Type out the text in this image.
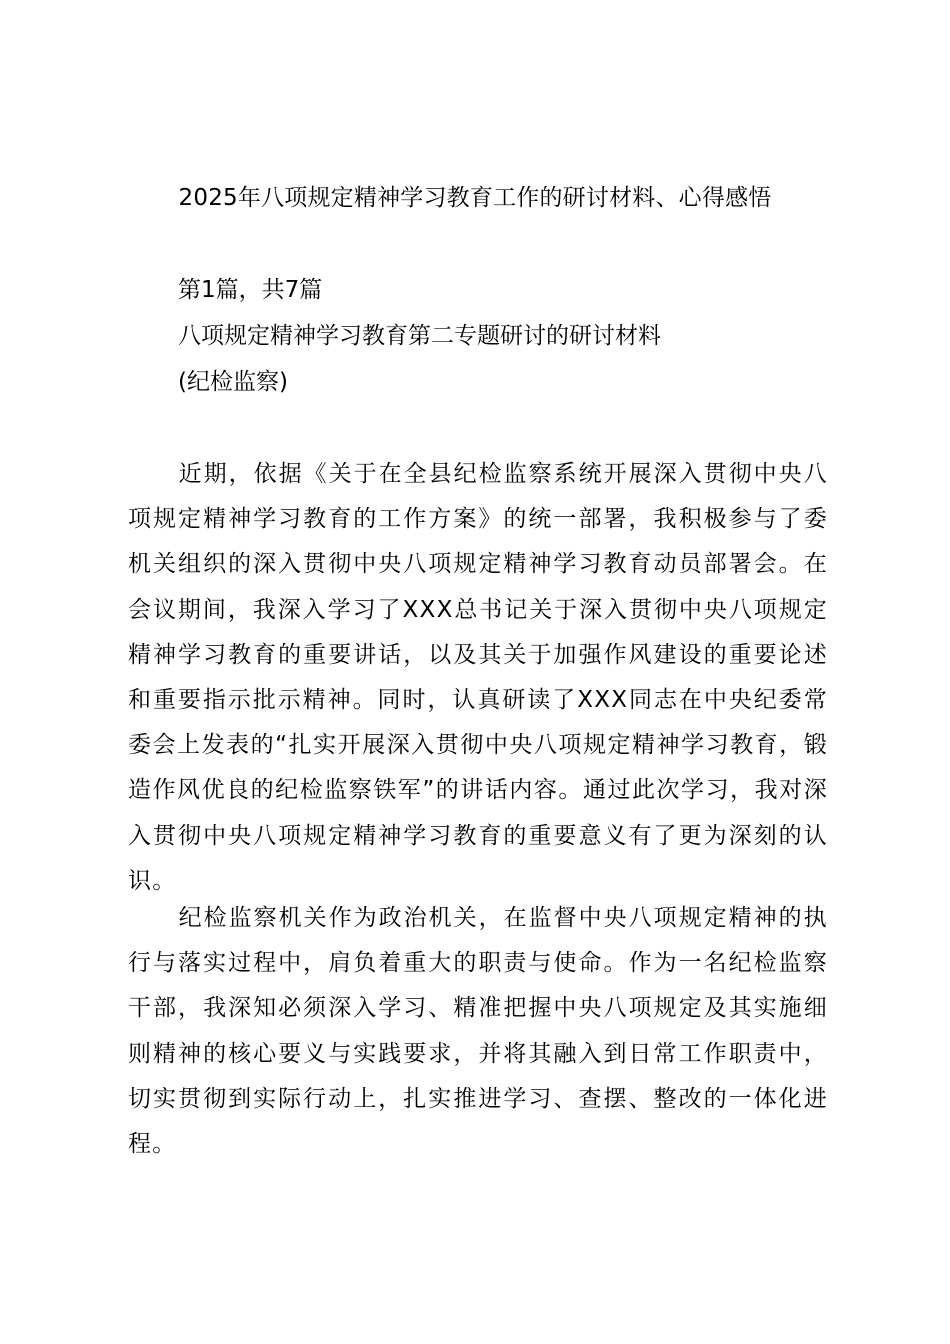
2025年八项规定精神学习教育工作的研讨材料、心得感悟
第1篇，共7篇
八项规定精神学习教育第二专题研讨的研讨材料
(纪检监察)

近期，依据《关于在全县纪检监察系统开展深入贯彻中央八项规定精神学习教育的工作方案》的统一部署，我积极参与了委机关组织的深入贯彻中央八项规定精神学习教育动员部署会。在会议期间，我深入学习了XXX总书记关于深入贯彻中央八项规定精神学习教育的重要讲话，以及其关于加强作风建设的重要论述和重要指示批示精神。同时，认真研读了XXX同志在中央纪委常委会上发表的“扎实开展深入贯彻中央八项规定精神学习教育，锻造作风优良的纪检监察铁军”的讲话内容。通过此次学习，我对深入贯彻中央八项规定精神学习教育的重要意义有了更为深刻的认识。

纪检监察机关作为政治机关，在监督中央八项规定精神的执行与落实过程中，肩负着重大的职责与使命。作为一名纪检监察干部，我深知必须深入学习、精准把握中央八项规定及其实施细则精神的核心要义与实践要求，并将其融入到日常工作职责中，切实贯彻到实际行动上，扎实推进学习、查摆、整改的一体化进程。
